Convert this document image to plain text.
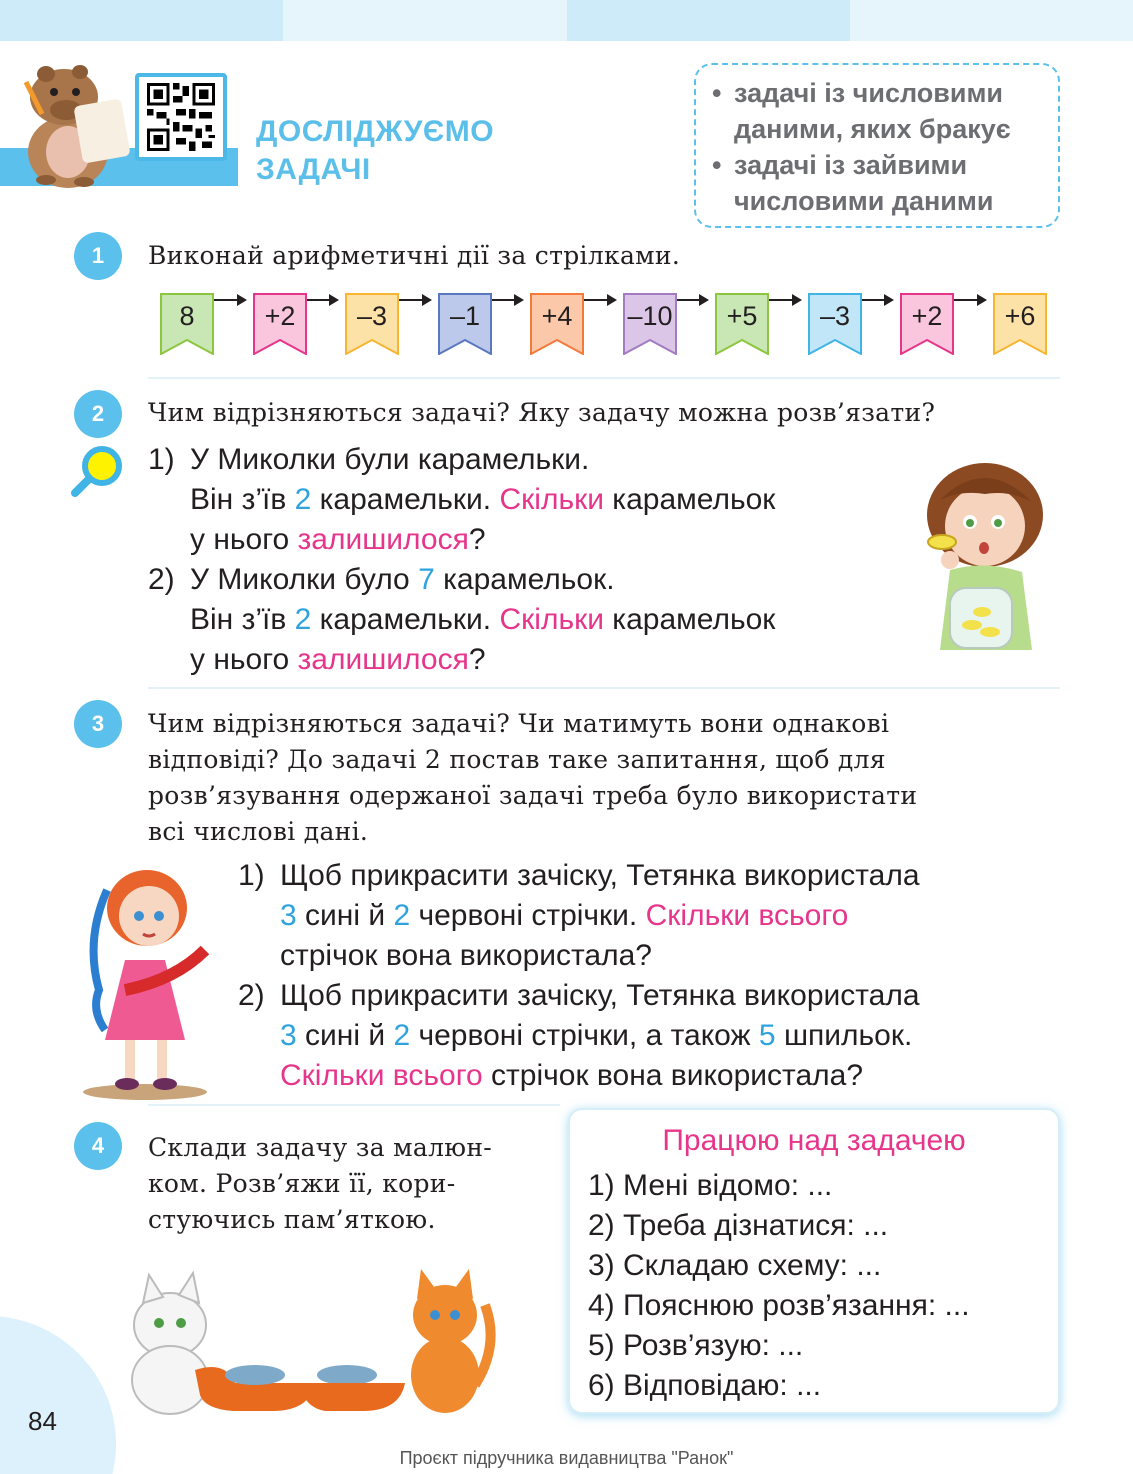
ДОСЛІДЖУЄМО
ЗАДАЧІ
• задачі із числовими
даними, яких бракує
• задачі із зайвими
числовими даними
1	Виконай арифметичні дії за стрілками.
8	+2	–3	–1	+4	–10	+5	–3	+2	+6
2	Чим відрізняються задачі? Яку задачу можна розв’язати?
1) У Миколки були карамельки.
Він з’їв 2 карамельки. Скільки карамельок
у нього залишилося?
2) У Миколки було 7 карамельок.
Він з’їв 2 карамельки. Скільки карамельок
у нього залишилося?
3	Чим відрізняються задачі? Чи матимуть вони однакові
відповіді? До задачі 2 постав таке запитання, щоб для
розв’язування одержаної задачі треба було використати
всі числові дані.
1) Щоб прикрасити зачіску, Тетянка використала
3 сині й 2 червоні стрічки. Скільки всього
стрічок вона використала?
2) Щоб прикрасити зачіску, Тетянка використала
3 сині й 2 червоні стрічки, а також 5 шпильок.
Скільки всього стрічок вона використала?
4	Склади задачу за малюн-
ком. Розв’яжи її, кори-
стуючись пам’яткою.
Працюю над задачею
1) Мені відомо: ...
2) Треба дізнатися: ...
3) Складаю схему: ...
4) Пояснюю розв’язання: ...
5) Розв’язую: ...
6) Відповідаю: ...
84
Проєкт підручника видавництва "Ранок"
